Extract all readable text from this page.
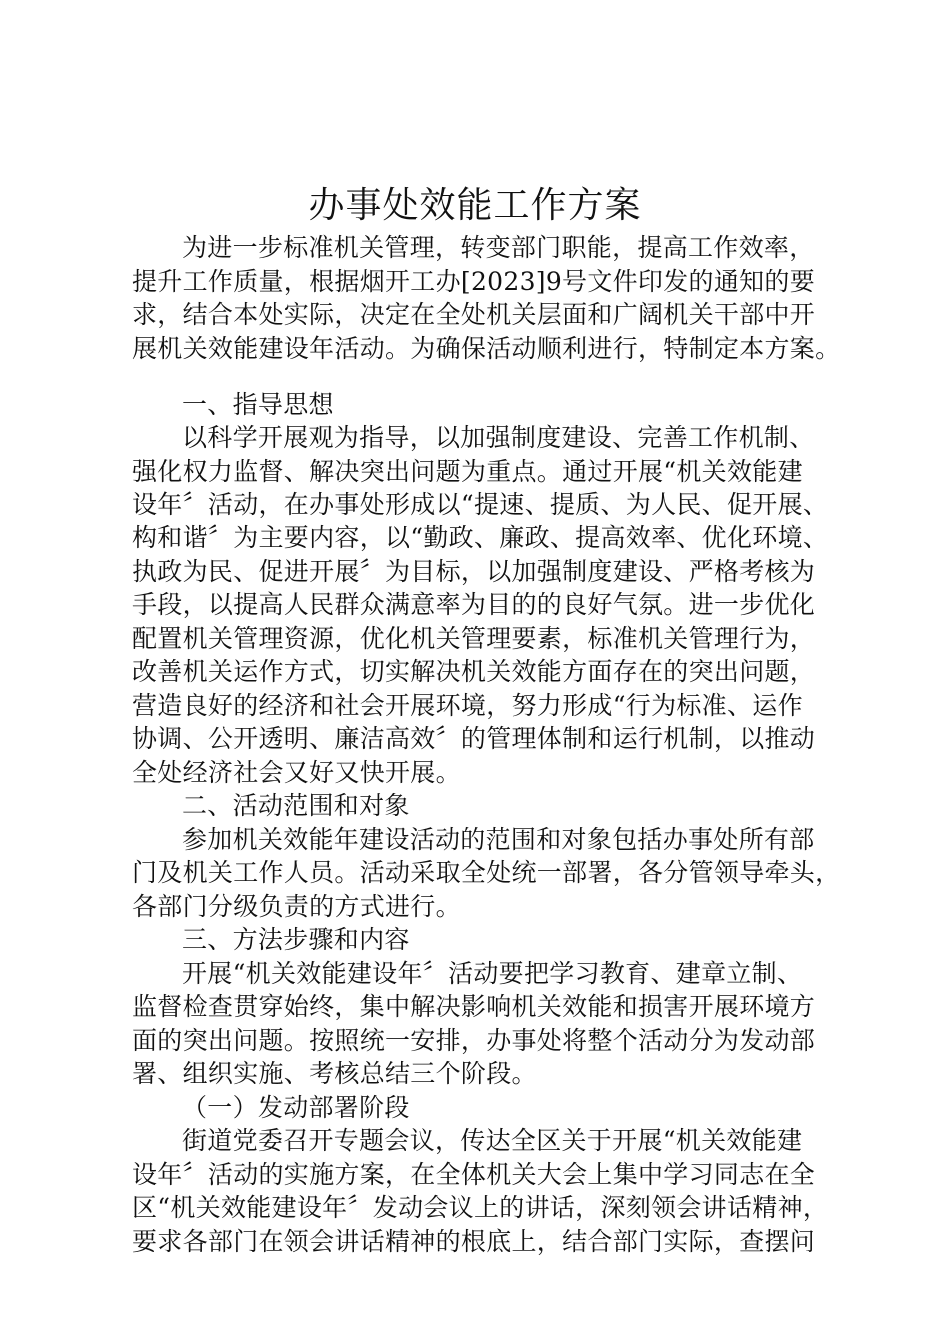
办事处效能工作方案
为进一步标准机关管理，转变部门职能，提高工作效率，
提升工作质量，根据烟开工办[2023]9号文件印发的通知的要
求，结合本处实际，决定在全处机关层面和广阔机关干部中开
展机关效能建设年活动。为确保活动顺利进行，特制定本方案。
一、指导思想
以科学开展观为指导，以加强制度建设、完善工作机制、
强化权力监督、解决突出问题为重点。通过开展“机关效能建
设年〞活动，在办事处形成以“提速、提质、为人民、促开展、
构和谐〞为主要内容，以“勤政、廉政、提高效率、优化环境、
执政为民、促进开展〞为目标，以加强制度建设、严格考核为
手段，以提高人民群众满意率为目的的良好气氛。进一步优化
配置机关管理资源，优化机关管理要素，标准机关管理行为，
改善机关运作方式，切实解决机关效能方面存在的突出问题，
营造良好的经济和社会开展环境，努力形成“行为标准、运作
协调、公开透明、廉洁高效〞的管理体制和运行机制，以推动
全处经济社会又好又快开展。
二、活动范围和对象
参加机关效能年建设活动的范围和对象包括办事处所有部
门及机关工作人员。活动采取全处统一部署，各分管领导牵头，
各部门分级负责的方式进行。
三、方法步骤和内容
开展“机关效能建设年〞活动要把学习教育、建章立制、
监督检查贯穿始终，集中解决影响机关效能和损害开展环境方
面的突出问题。按照统一安排，办事处将整个活动分为发动部
署、组织实施、考核总结三个阶段。
（一）发动部署阶段
街道党委召开专题会议，传达全区关于开展“机关效能建
设年〞活动的实施方案，在全体机关大会上集中学习同志在全
区“机关效能建设年〞发动会议上的讲话，深刻领会讲话精神，
要求各部门在领会讲话精神的根底上，结合部门实际，查摆问
